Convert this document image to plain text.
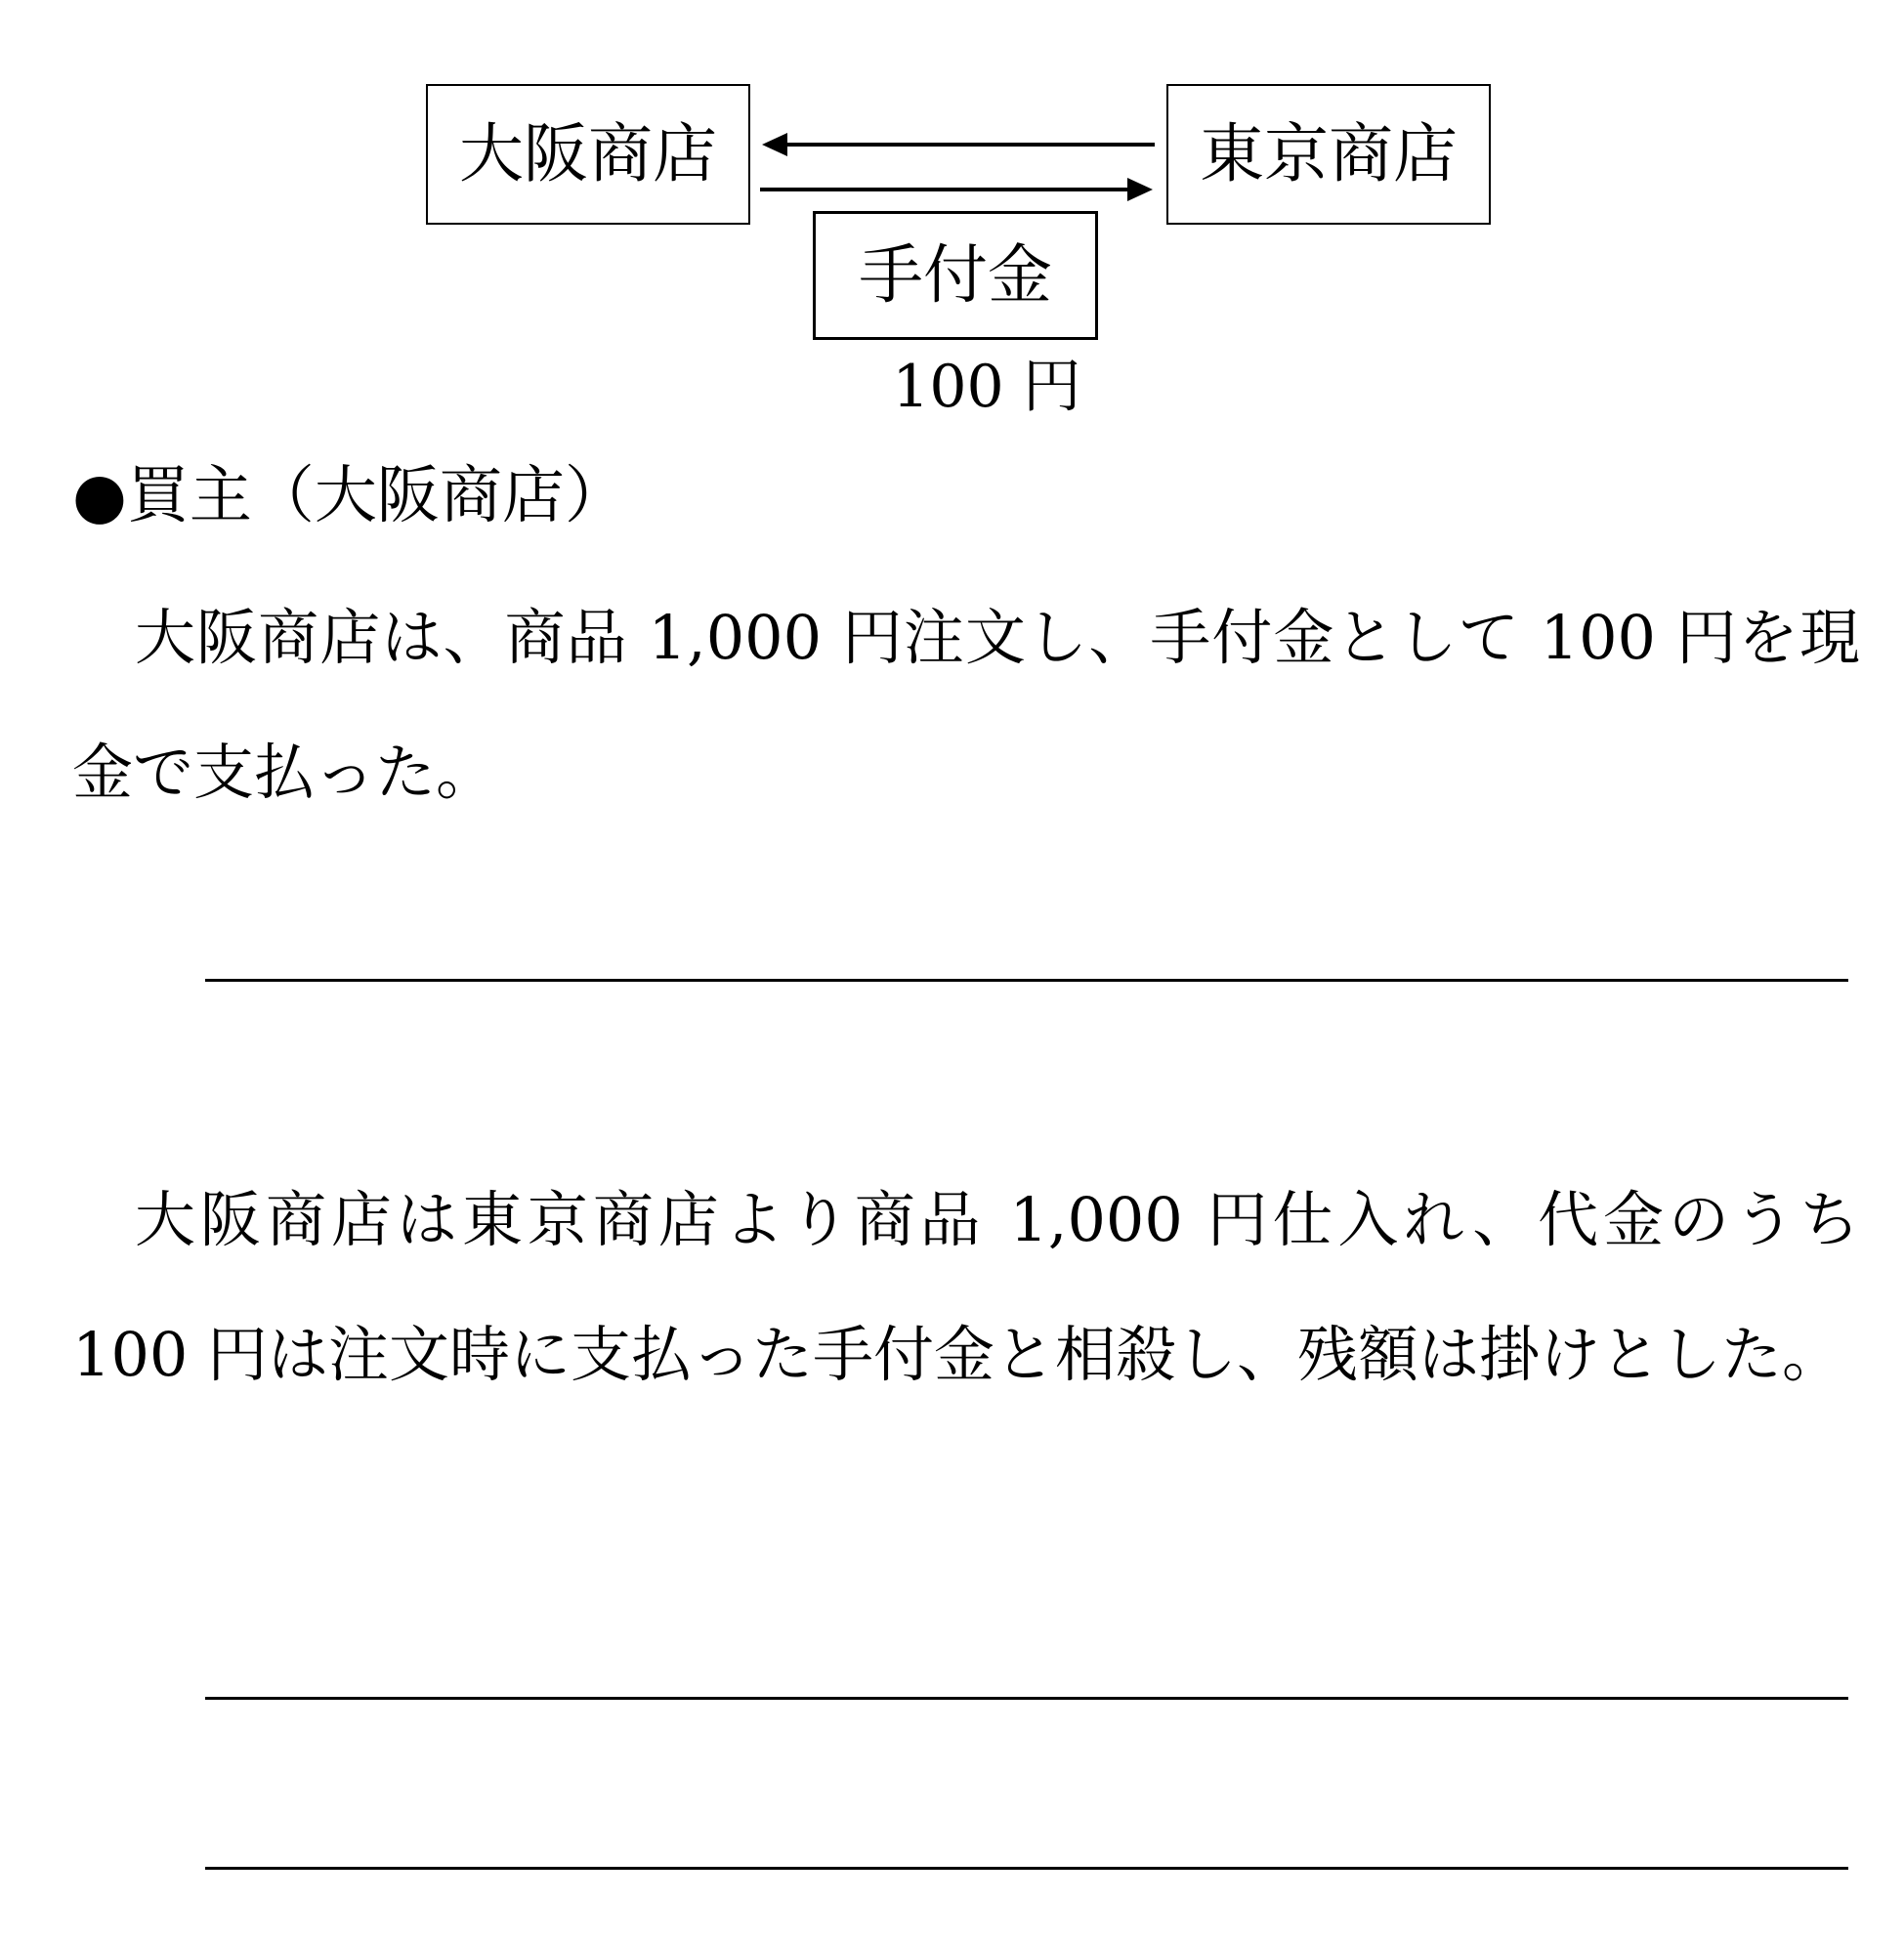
大阪商店	東京商店
手付金
100 円
●買主（大阪商店）

大阪商店は、商品 1,000 円注文し、手付金として 100 円を現金で支払った。

大阪商店は東京商店より商品 1,000 円仕入れ、代金のうち 100 円は注文時に支払った手付金と相殺し、残額は掛けとした。
